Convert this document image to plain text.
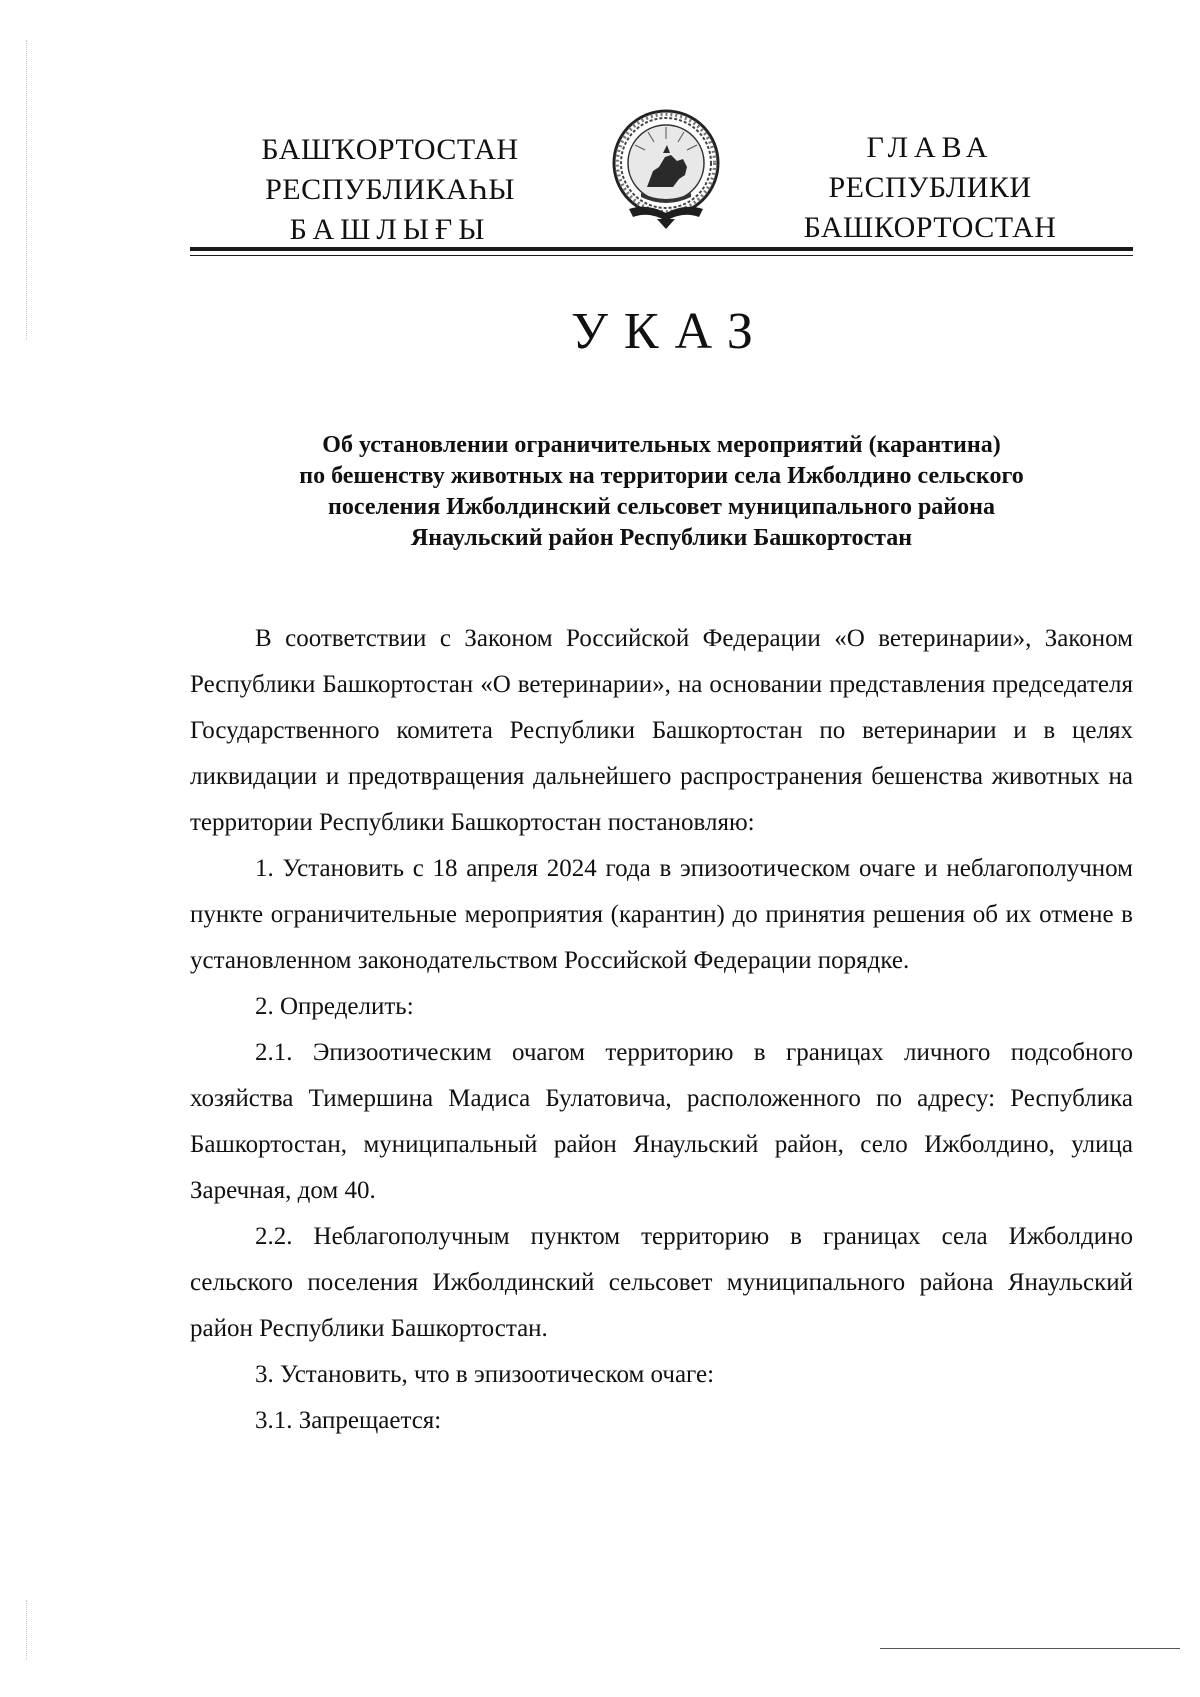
БАШҠОРТОСТАН
РЕСПУБЛИКАҺЫ
БАШЛЫҒЫ
ГЛАВА
РЕСПУБЛИКИ
БАШКОРТОСТАН
УКАЗ
Об установлении ограничительных мероприятий (карантина)
по бешенству животных на территории села Ижболдино сельского
поселения Ижболдинский сельсовет муниципального района
Янаульский район Республики Башкортостан

В соответствии с Законом Российской Федерации «О ветеринарии», Законом Республики Башкортостан «О ветеринарии», на основании представления председателя Государственного комитета Республики Башкортостан по ветеринарии и в целях ликвидации и предотвращения дальнейшего распространения бешенства животных на территории Республики Башкортостан постановляю:

1. Установить с 18 апреля 2024 года в эпизоотическом очаге и неблагополучном пункте ограничительные мероприятия (карантин) до принятия решения об их отмене в установленном законодательством Российской Федерации порядке.

2. Определить:

2.1. Эпизоотическим очагом территорию в границах личного подсобного хозяйства Тимершина Мадиса Булатовича, расположенного по адресу: Республика Башкортостан, муниципальный район Янаульский район, село Ижболдино, улица Заречная, дом 40.

2.2. Неблагополучным пунктом территорию в границах села Ижболдино сельского поселения Ижболдинский сельсовет муниципального района Янаульский район Республики Башкортостан.

3. Установить, что в эпизоотическом очаге:

3.1. Запрещается:
